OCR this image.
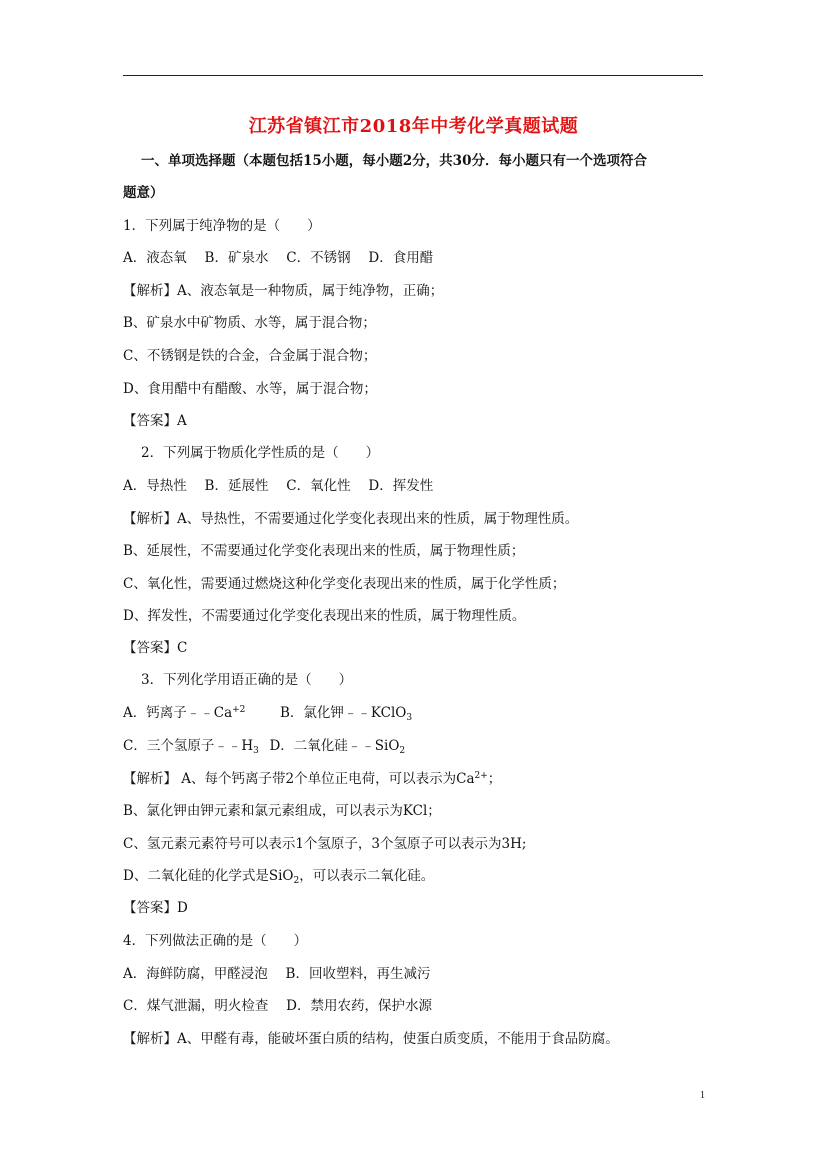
江苏省镇江市2018年中考化学真题试题
一、单项选择题（本题包括15小题，每小题2分，共30分．每小题只有一个选项符合
题意）
1．下列属于纯净物的是（　　）
A．液态氧　 B．矿泉水　 C．不锈钢　 D．食用醋
【解析】A、液态氧是一种物质，属于纯净物，正确；
B、矿泉水中矿物质、水等，属于混合物；
C、不锈钢是铁的合金，合金属于混合物；
D、食用醋中有醋酸、水等，属于混合物；
【答案】A
2．下列属于物质化学性质的是（　　）
A．导热性　 B．延展性　 C．氧化性　 D．挥发性
【解析】A、导热性，不需要通过化学变化表现出来的性质，属于物理性质。
B、延展性，不需要通过化学变化表现出来的性质，属于物理性质；
C、氧化性，需要通过燃烧这种化学变化表现出来的性质，属于化学性质；
D、挥发性，不需要通过化学变化表现出来的性质，属于物理性质。
【答案】C
3．下列化学用语正确的是（　　）
A．钙离子$﹣﹣Ca^{+2}$	B．氯化钾﹣﹣KClO$_3$
C．三个氢原子$﹣﹣H_3$ D．二氧化硅﹣﹣SiO$_2$
【解析】 A、每个钙离子带2个单位正电荷，可以表示为$Ca^{2+}$；
B、氯化钾由钾元素和氯元素组成，可以表示为KCl；
C、氢元素元素符号可以表示1个氢原子，3个氢原子可以表示为3H;
D、二氧化硅的化学式是SiO$_2$，可以表示二氧化硅。
【答案】D
4．下列做法正确的是（　　）
A．海鲜防腐，甲醛浸泡　 B．回收塑料，再生减污
C．煤气泄漏，明火检查　 D．禁用农药，保护水源
【解析】A、甲醛有毒，能破坏蛋白质的结构，使蛋白质变质，不能用于食品防腐。
1
